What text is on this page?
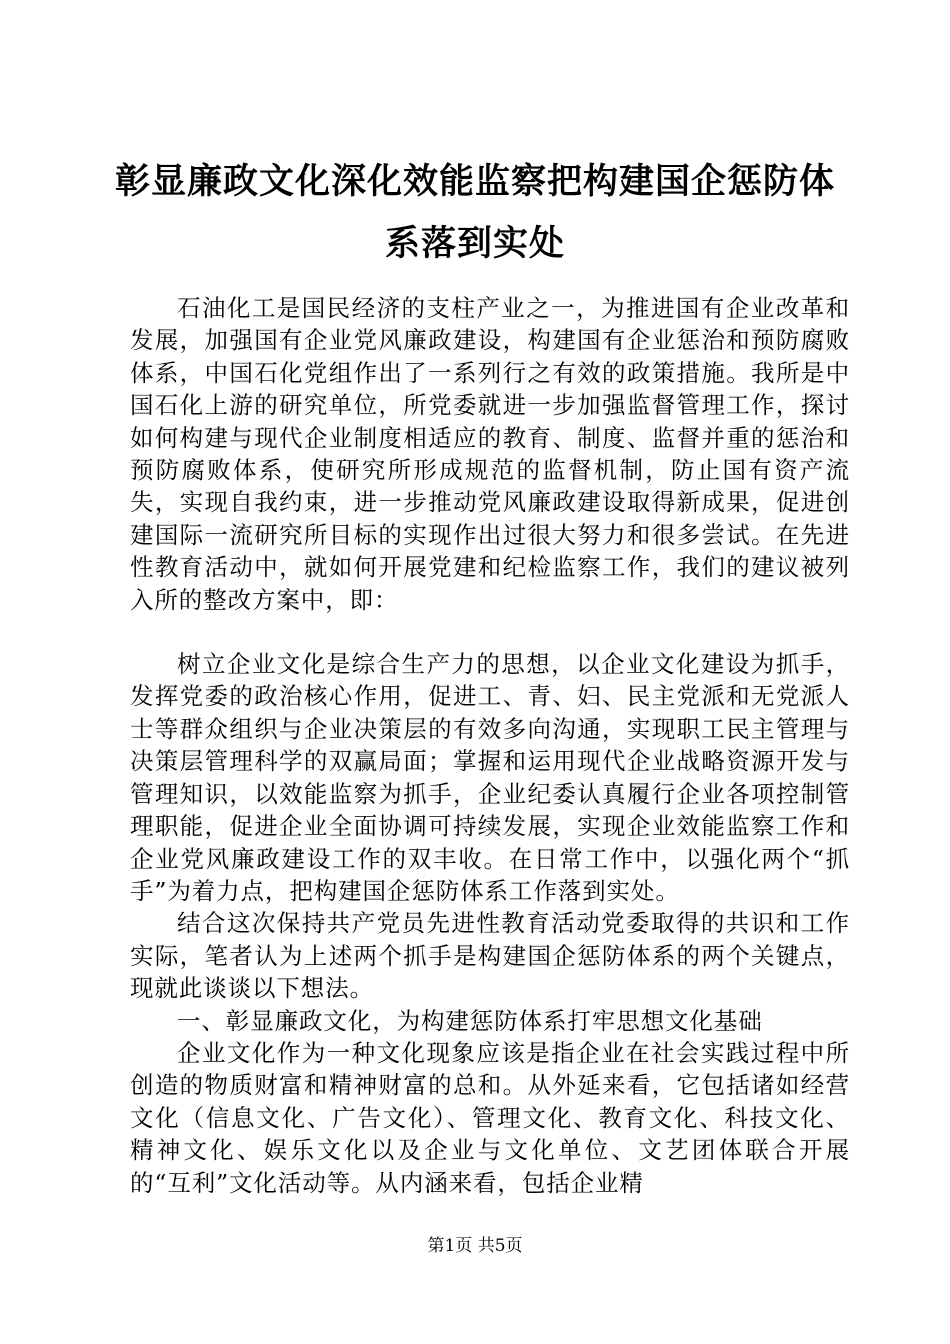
彰显廉政文化深化效能监察把构建国企惩防体
系落到实处

石油化工是国民经济的支柱产业之一，为推进国有企业改革和发展，加强国有企业党风廉政建设，构建国有企业惩治和预防腐败体系，中国石化党组作出了一系列行之有效的政策措施。我所是中国石化上游的研究单位，所党委就进一步加强监督管理工作，探讨如何构建与现代企业制度相适应的教育、制度、监督并重的惩治和预防腐败体系，使研究所形成规范的监督机制，防止国有资产流失，实现自我约束，进一步推动党风廉政建设取得新成果，促进创建国际一流研究所目标的实现作出过很大努力和很多尝试。在先进性教育活动中，就如何开展党建和纪检监察工作，我们的建议被列入所的整改方案中，即：

树立企业文化是综合生产力的思想，以企业文化建设为抓手，发挥党委的政治核心作用，促进工、青、妇、民主党派和无党派人士等群众组织与企业决策层的有效多向沟通，实现职工民主管理与决策层管理科学的双赢局面；掌握和运用现代企业战略资源开发与管理知识，以效能监察为抓手，企业纪委认真履行企业各项控制管理职能，促进企业全面协调可持续发展，实现企业效能监察工作和企业党风廉政建设工作的双丰收。在日常工作中，以强化两个“抓手”为着力点，把构建国企惩防体系工作落到实处。

结合这次保持共产党员先进性教育活动党委取得的共识和工作实际，笔者认为上述两个抓手是构建国企惩防体系的两个关键点，现就此谈谈以下想法。

一、彰显廉政文化，为构建惩防体系打牢思想文化基础

企业文化作为一种文化现象应该是指企业在社会实践过程中所创造的物质财富和精神财富的总和。从外延来看，它包括诸如经营文化（信息文化、广告文化）、管理文化、教育文化、科技文化、精神文化、娱乐文化以及企业与文化单位、文艺团体联合开展的“互利”文化活动等。从内涵来看，包括企业精

第1页 共5页
